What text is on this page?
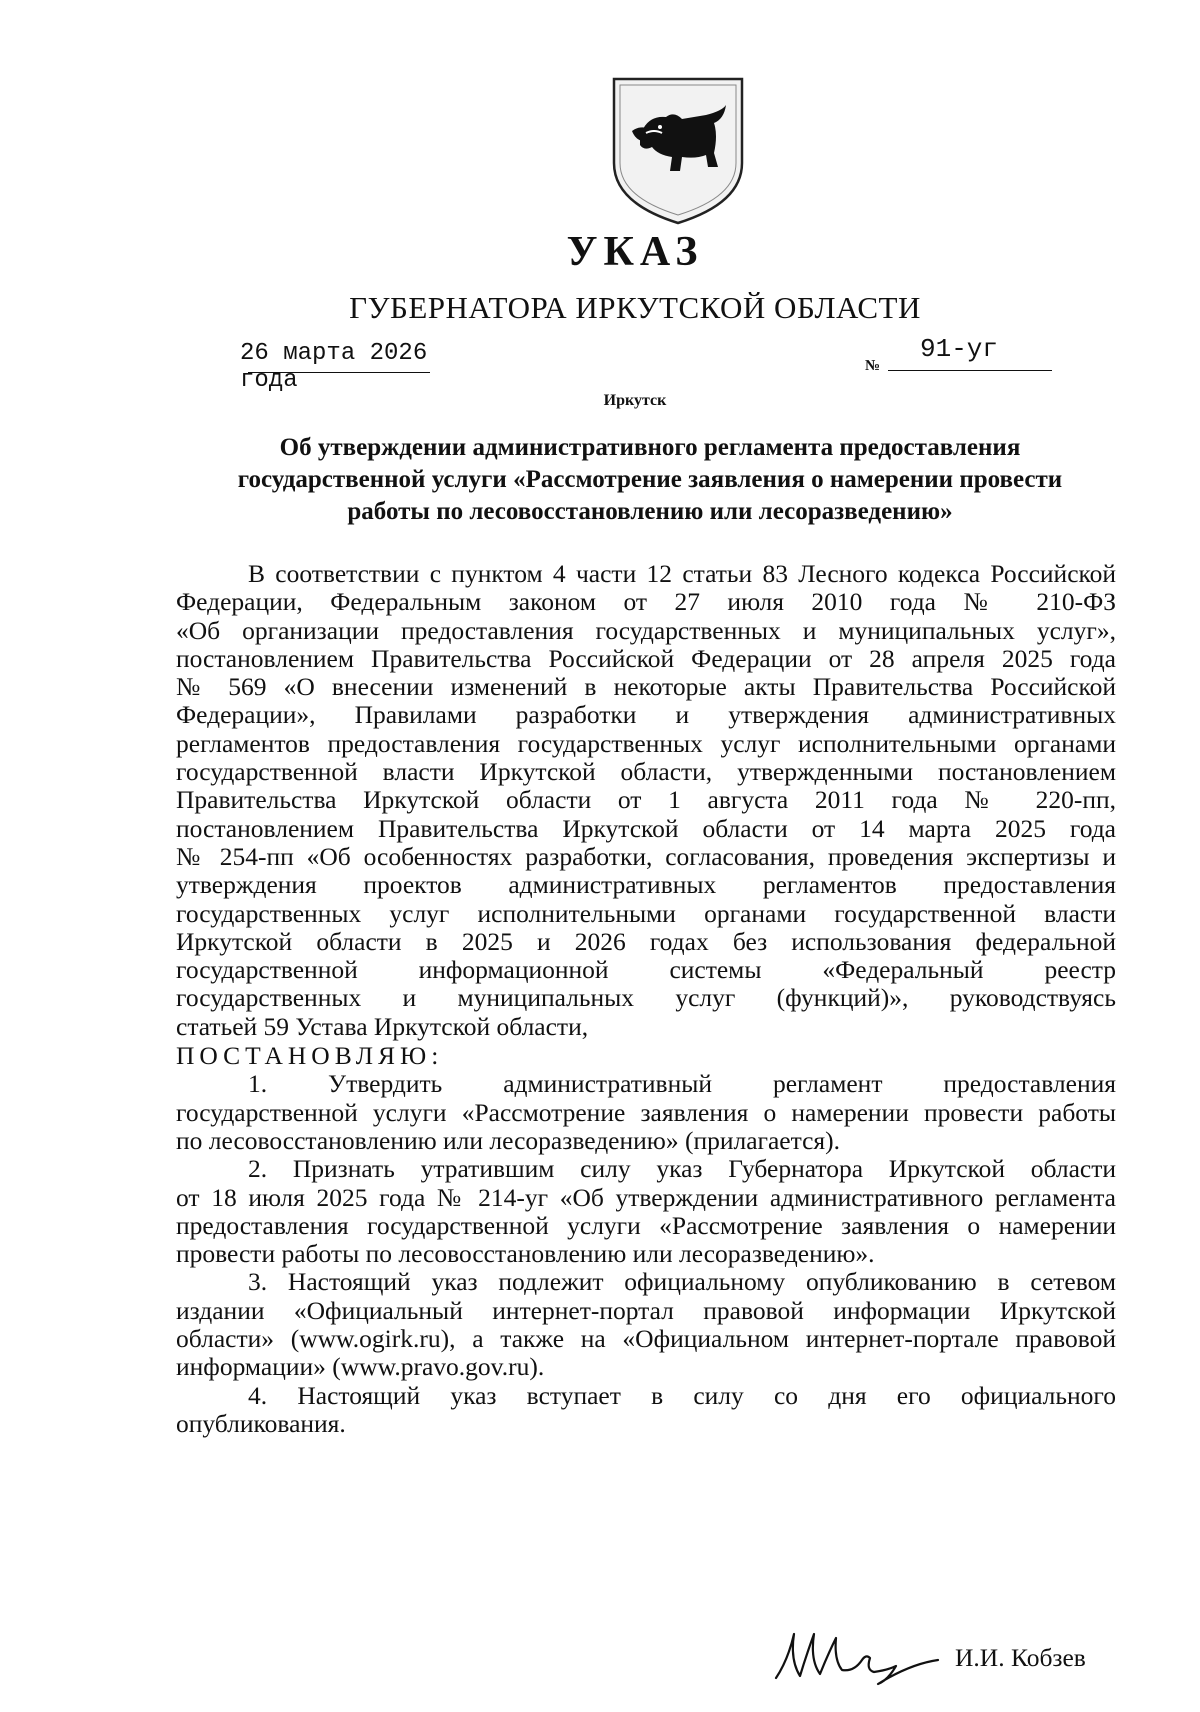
УКАЗ
ГУБЕРНАТОРА ИРКУТСКОЙ ОБЛАСТИ
26 марта 2026 года
№
91-уг
Иркутск
Об утверждении административного регламента предоставления
государственной услуги «Рассмотрение заявления о намерении провести
работы по лесовосстановлению или лесоразведению»
В соответствии с пунктом 4 части 12 статьи 83 Лесного кодекса Российской
Федерации, Федеральным законом от 27 июля 2010 года № 210-ФЗ
«Об организации предоставления государственных и муниципальных услуг»,
постановлением Правительства Российской Федерации от 28 апреля 2025 года
№ 569 «О внесении изменений в некоторые акты Правительства Российской
Федерации», Правилами разработки и утверждения административных
регламентов предоставления государственных услуг исполнительными органами
государственной власти Иркутской области, утвержденными постановлением
Правительства Иркутской области от 1 августа 2011 года № 220-пп,
постановлением Правительства Иркутской области от 14 марта 2025 года
№ 254-пп «Об особенностях разработки, согласования, проведения экспертизы и
утверждения проектов административных регламентов предоставления
государственных услуг исполнительными органами государственной власти
Иркутской области в 2025 и 2026 годах без использования федеральной
государственной информационной системы «Федеральный реестр
государственных и муниципальных услуг (функций)», руководствуясь
статьей 59 Устава Иркутской области,
ПОСТАНОВЛЯЮ:
1. Утвердить административный регламент предоставления
государственной услуги «Рассмотрение заявления о намерении провести работы
по лесовосстановлению или лесоразведению» (прилагается).
2. Признать утратившим силу указ Губернатора Иркутской области
от 18 июля 2025 года № 214-уг «Об утверждении административного регламента
предоставления государственной услуги «Рассмотрение заявления о намерении
провести работы по лесовосстановлению или лесоразведению».
3. Настоящий указ подлежит официальному опубликованию в сетевом
издании «Официальный интернет-портал правовой информации Иркутской
области» (www.ogirk.ru), а также на «Официальном интернет-портале правовой
информации» (www.pravo.gov.ru).
4. Настоящий указ вступает в силу со дня его официального
опубликования.
И.И. Кобзев
